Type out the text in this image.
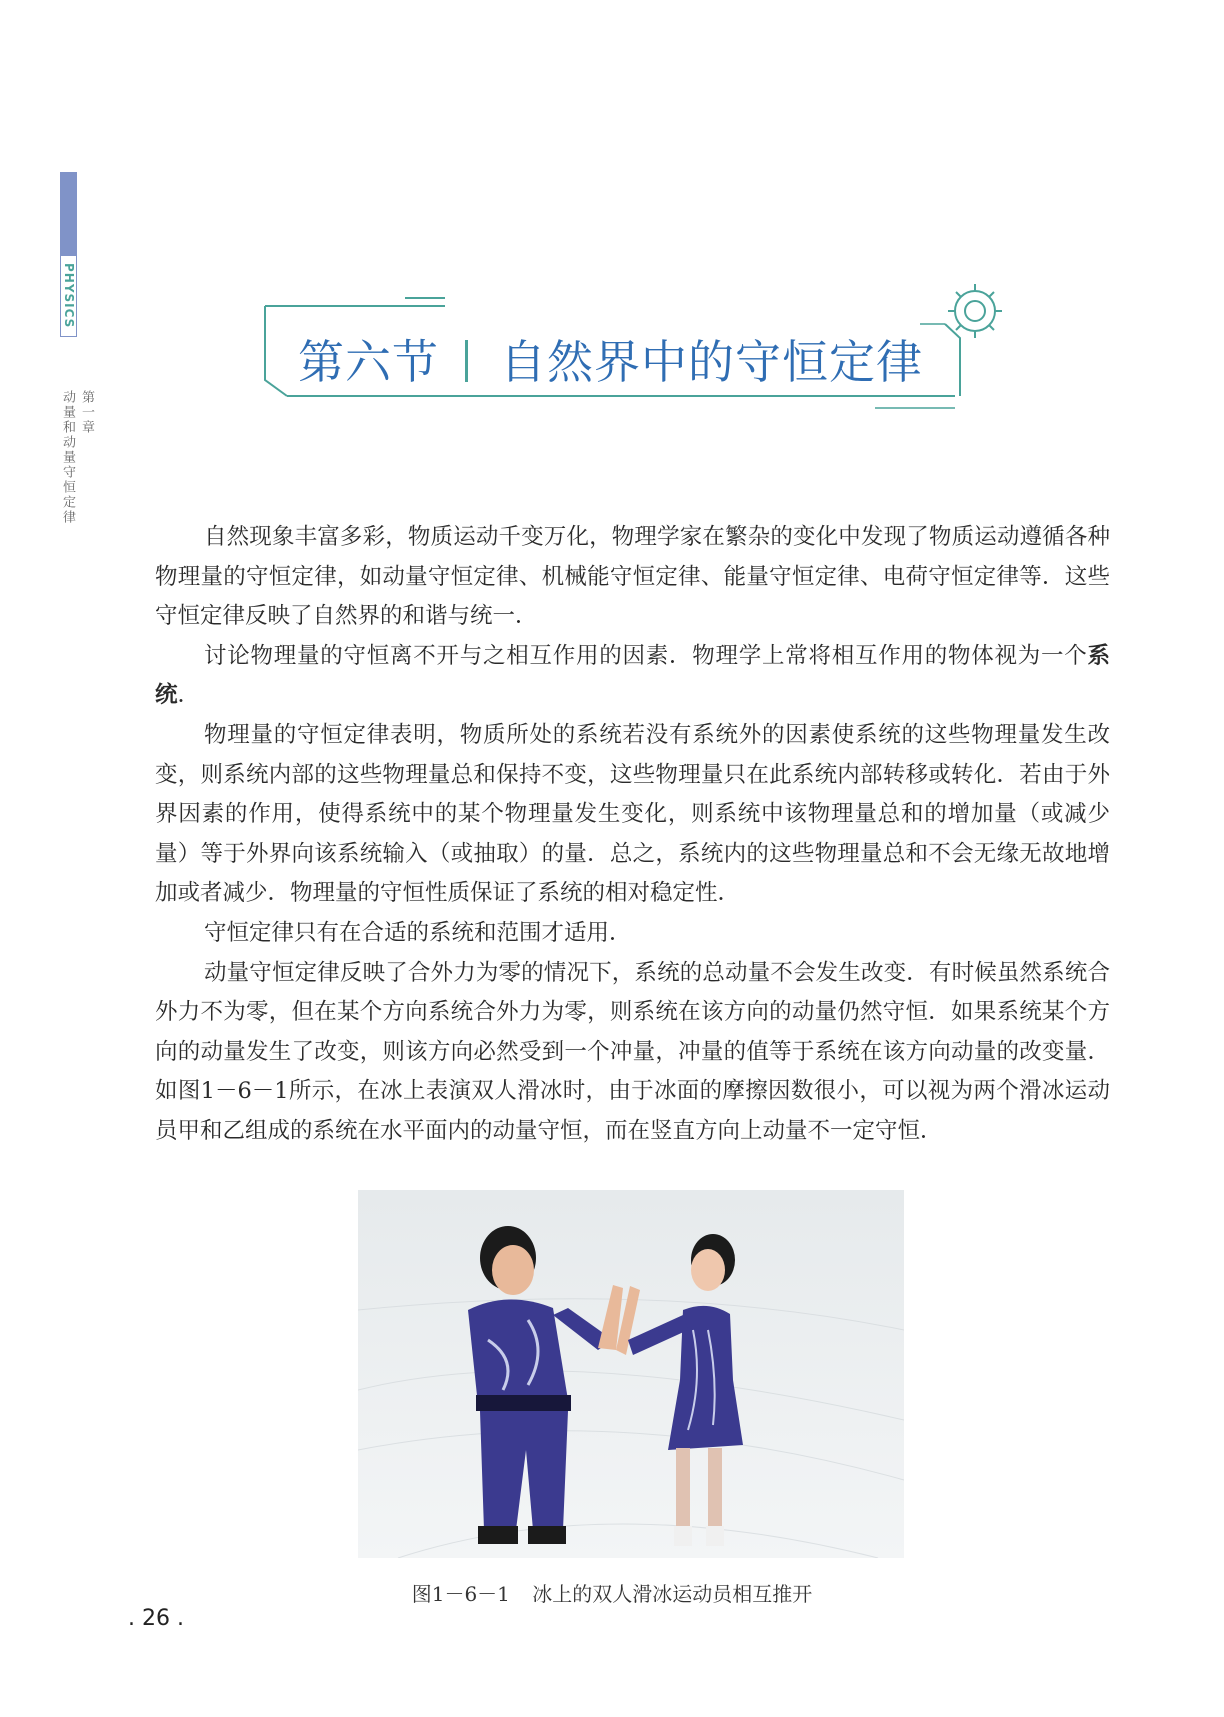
PHYSICS
第一章
动量和动量守恒定律
第六节 自然界中的守恒定律

自然现象丰富多彩，物质运动千变万化，物理学家在繁杂的变化中发现了物质运动遵循各种物理量的守恒定律，如动量守恒定律、机械能守恒定律、能量守恒定律、电荷守恒定律等．这些守恒定律反映了自然界的和谐与统一．

讨论物理量的守恒离不开与之相互作用的因素．物理学上常将相互作用的物体视为一个系统．

物理量的守恒定律表明，物质所处的系统若没有系统外的因素使系统的这些物理量发生改变，则系统内部的这些物理量总和保持不变，这些物理量只在此系统内部转移或转化．若由于外界因素的作用，使得系统中的某个物理量发生变化，则系统中该物理量总和的增加量（或减少量）等于外界向该系统输入（或抽取）的量．总之，系统内的这些物理量总和不会无缘无故地增加或者减少．物理量的守恒性质保证了系统的相对稳定性．

守恒定律只有在合适的系统和范围才适用．

动量守恒定律反映了合外力为零的情况下，系统的总动量不会发生改变．有时候虽然系统合外力不为零，但在某个方向系统合外力为零，则系统在该方向的动量仍然守恒．如果系统某个方向的动量发生了改变，则该方向必然受到一个冲量，冲量的值等于系统在该方向动量的改变量．如图1－6－1所示，在冰上表演双人滑冰时，由于冰面的摩擦因数很小，可以视为两个滑冰运动员甲和乙组成的系统在水平面内的动量守恒，而在竖直方向上动量不一定守恒．

图1－6－1 冰上的双人滑冰运动员相互推开
. 26 .
